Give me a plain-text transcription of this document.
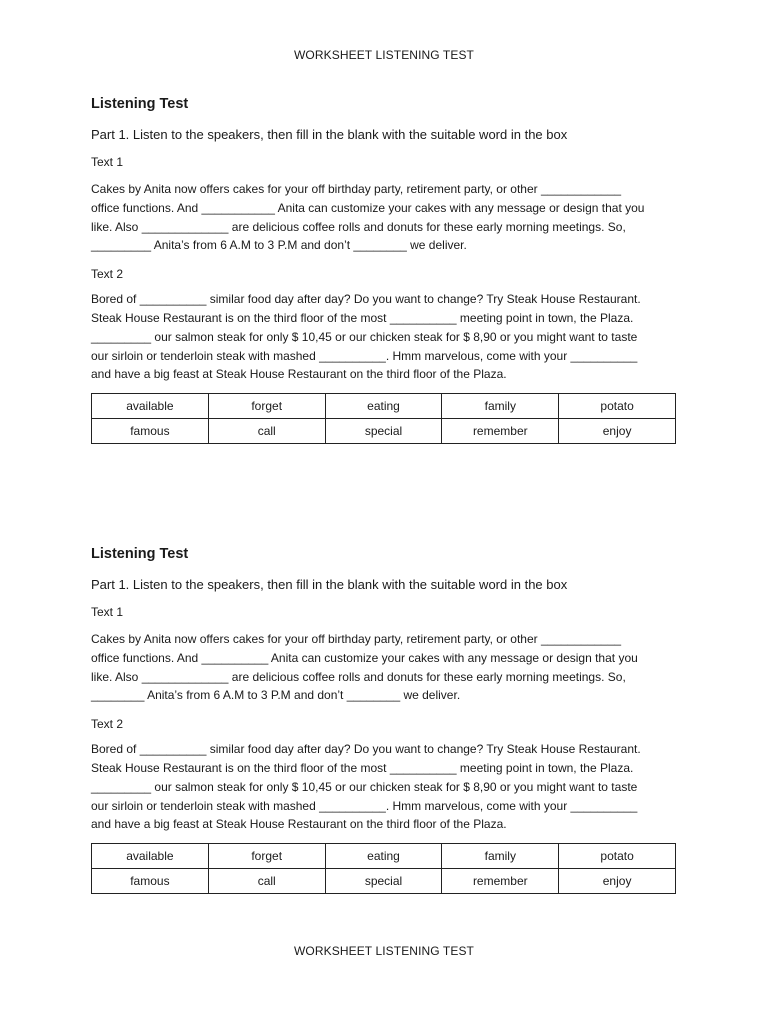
WORKSHEET LISTENING TEST
Listening Test
Part 1. Listen to the speakers, then fill in the blank with the suitable word in the box
Text 1
Cakes by Anita now offers cakes for your off birthday party, retirement party, or other ____________
office functions. And ___________ Anita can customize your cakes with any message or design that you
like. Also _____________ are delicious coffee rolls and donuts for these early morning meetings. So,
_________ Anita’s from 6 A.M to 3 P.M and don’t ________ we deliver.
Text 2
Bored of __________ similar food day after day? Do you want to change? Try Steak House Restaurant.
Steak House Restaurant is on the third floor of the most __________ meeting point in town, the Plaza.
_________ our salmon steak for only $ 10,45 or our chicken steak for $ 8,90 or you might want to taste
our sirloin or tenderloin steak with mashed __________. Hmm marvelous, come with your __________
and have a big feast at Steak House Restaurant on the third floor of the Plaza.
available	forget	eating	family	potato
famous	call	special	remember	enjoy
Listening Test
Part 1. Listen to the speakers, then fill in the blank with the suitable word in the box
Text 1
Cakes by Anita now offers cakes for your off birthday party, retirement party, or other ____________
office functions. And __________ Anita can customize your cakes with any message or design that you
like. Also _____________ are delicious coffee rolls and donuts for these early morning meetings. So,
________ Anita’s from 6 A.M to 3 P.M and don’t ________ we deliver.
Text 2
Bored of __________ similar food day after day? Do you want to change? Try Steak House Restaurant.
Steak House Restaurant is on the third floor of the most __________ meeting point in town, the Plaza.
_________ our salmon steak for only $ 10,45 or our chicken steak for $ 8,90 or you might want to taste
our sirloin or tenderloin steak with mashed __________. Hmm marvelous, come with your __________
and have a big feast at Steak House Restaurant on the third floor of the Plaza.
available	forget	eating	family	potato
famous	call	special	remember	enjoy
WORKSHEET LISTENING TEST
